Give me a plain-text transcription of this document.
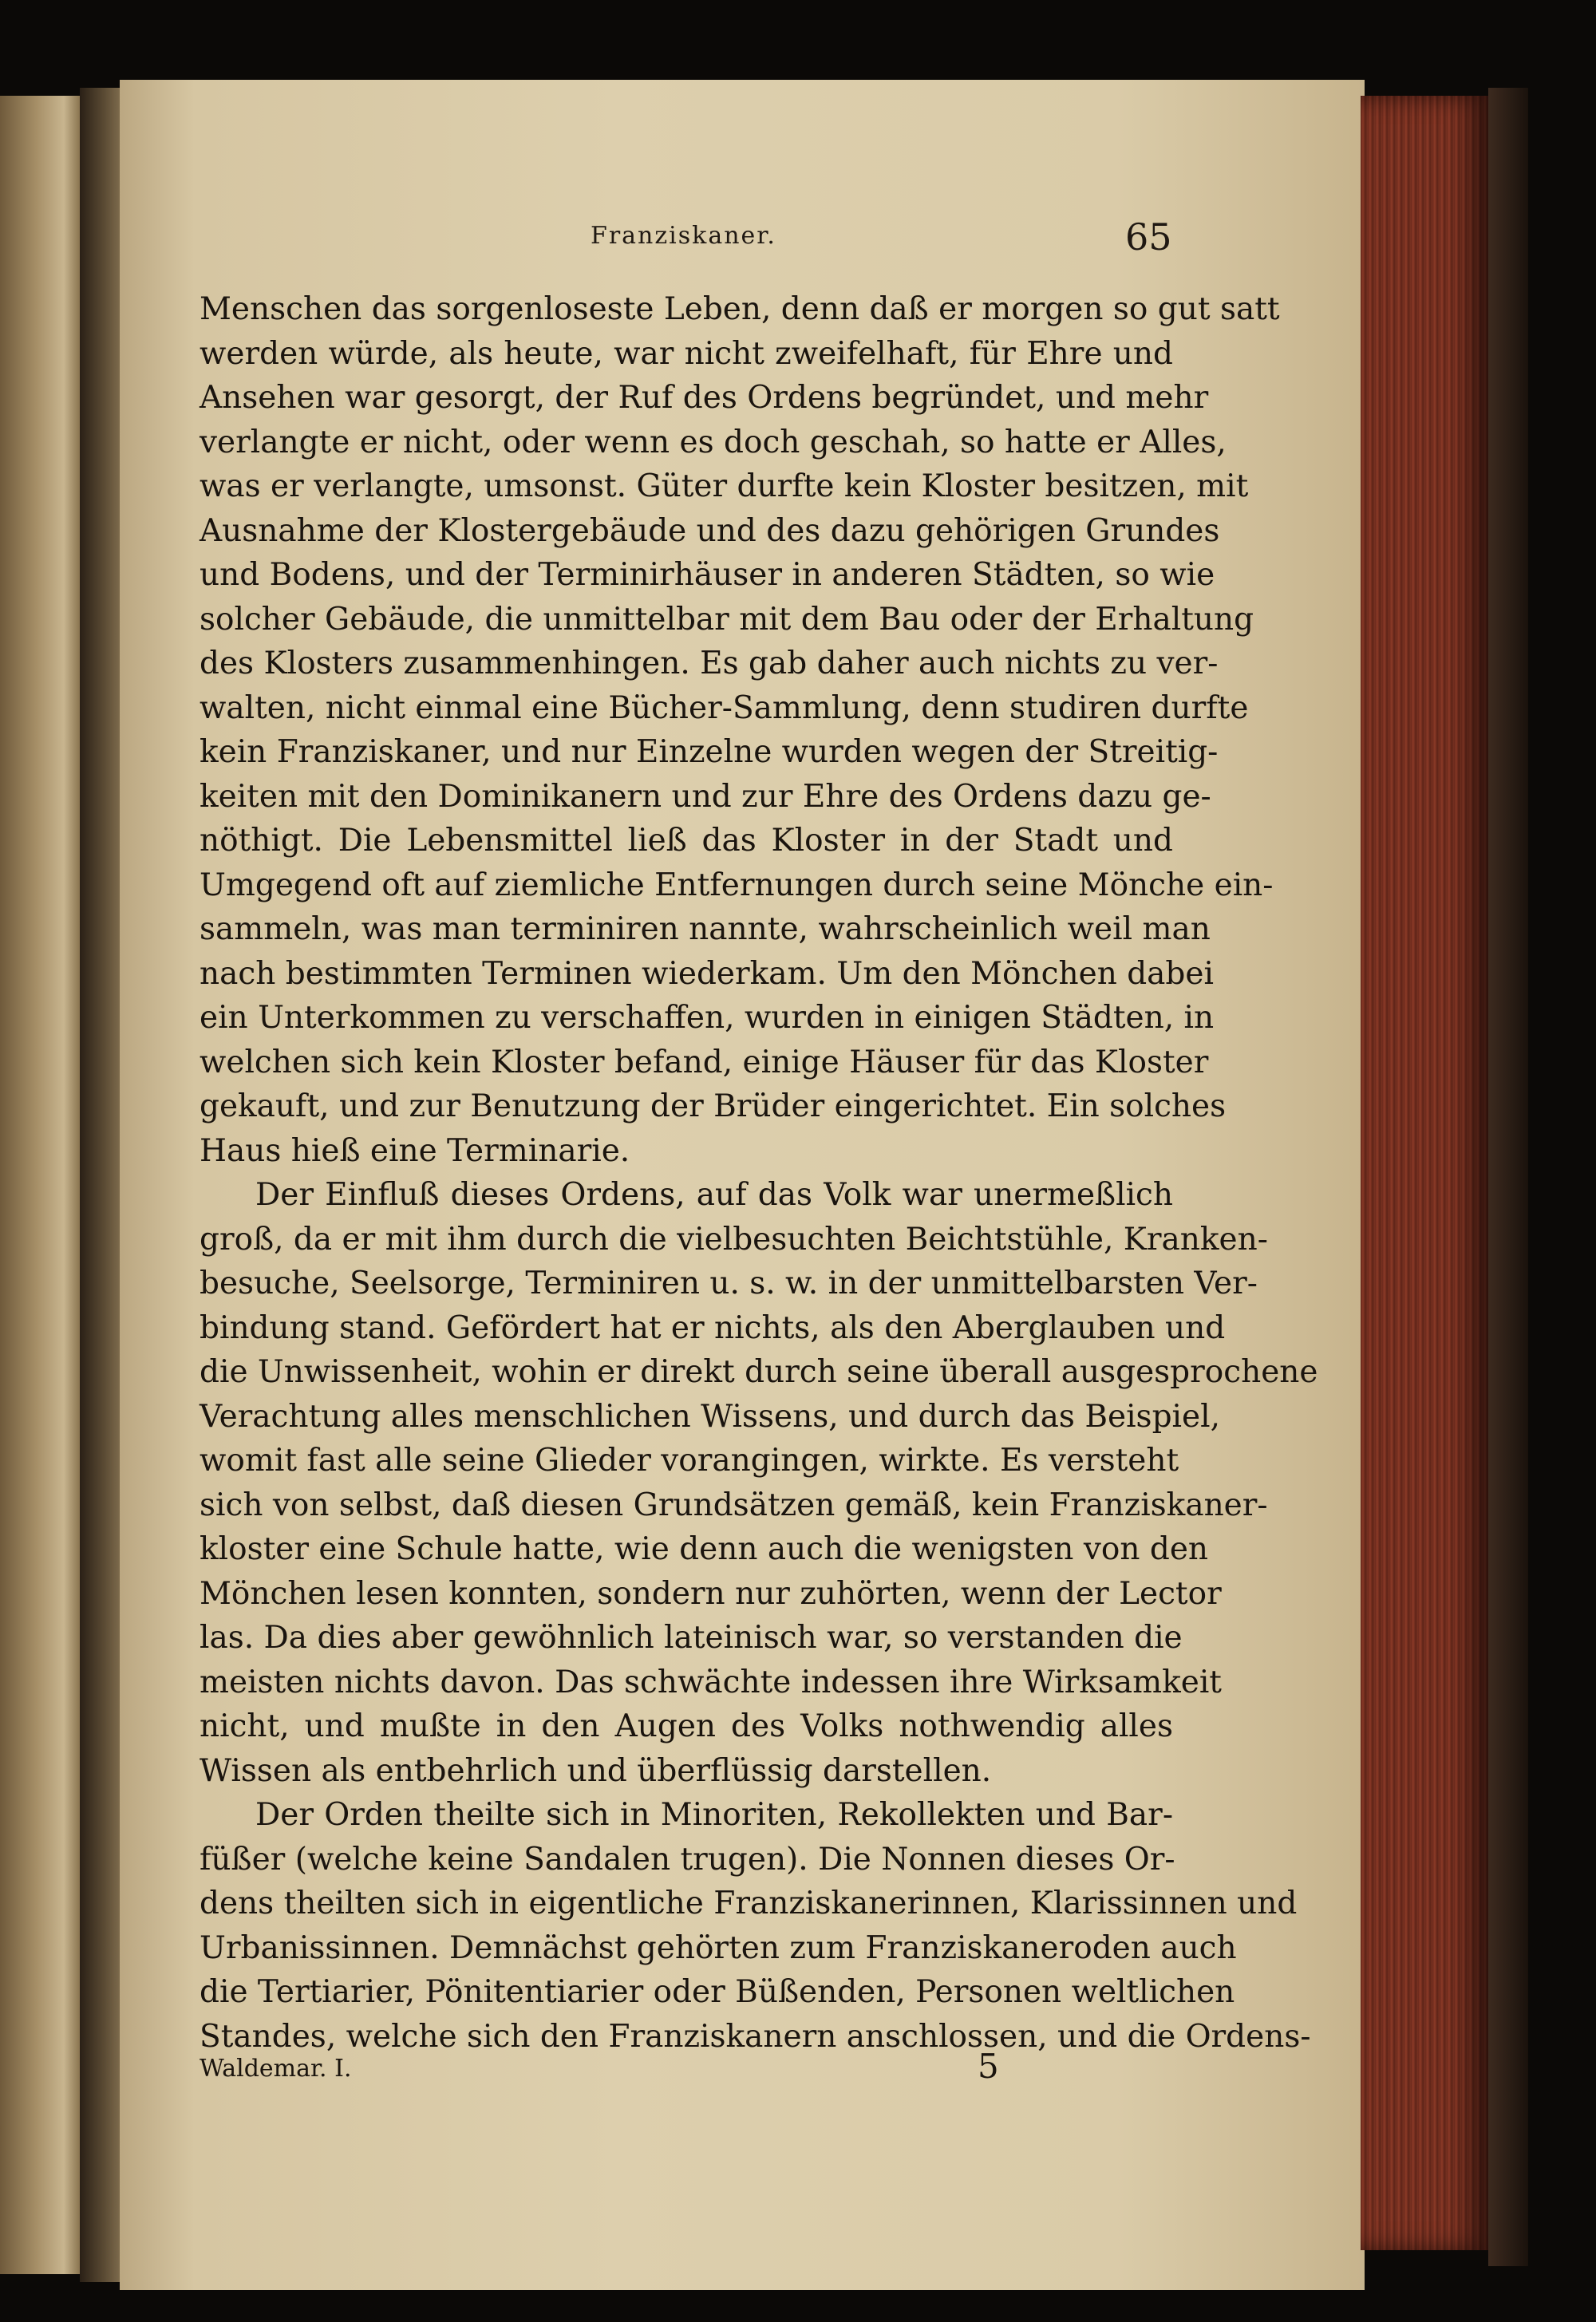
Franziskaner.	65
Menschen das sorgenloseste Leben, denn daß er morgen so gut satt
werden würde, als heute, war nicht zweifelhaft, für Ehre und
Ansehen war gesorgt, der Ruf des Ordens begründet, und mehr
verlangte er nicht, oder wenn es doch geschah, so hatte er Alles,
was er verlangte, umsonst. Güter durfte kein Kloster besitzen, mit
Ausnahme der Klostergebäude und des dazu gehörigen Grundes
und Bodens, und der Terminirhäuser in anderen Städten, so wie
solcher Gebäude, die unmittelbar mit dem Bau oder der Erhaltung
des Klosters zusammenhingen. Es gab daher auch nichts zu ver-
walten, nicht einmal eine Bücher-Sammlung, denn studiren durfte
kein Franziskaner, und nur Einzelne wurden wegen der Streitig-
keiten mit den Dominikanern und zur Ehre des Ordens dazu ge-
nöthigt. Die Lebensmittel ließ das Kloster in der Stadt und
Umgegend oft auf ziemliche Entfernungen durch seine Mönche ein-
sammeln, was man terminiren nannte, wahrscheinlich weil man
nach bestimmten Terminen wiederkam. Um den Mönchen dabei
ein Unterkommen zu verschaffen, wurden in einigen Städten, in
welchen sich kein Kloster befand, einige Häuser für das Kloster
gekauft, und zur Benutzung der Brüder eingerichtet. Ein solches
Haus hieß eine Terminarie.
Der Einfluß dieses Ordens, auf das Volk war unermeßlich
groß, da er mit ihm durch die vielbesuchten Beichtstühle, Kranken-
besuche, Seelsorge, Terminiren u. s. w. in der unmittelbarsten Ver-
bindung stand. Gefördert hat er nichts, als den Aberglauben und
die Unwissenheit, wohin er direkt durch seine überall ausgesprochene
Verachtung alles menschlichen Wissens, und durch das Beispiel,
womit fast alle seine Glieder vorangingen, wirkte. Es versteht
sich von selbst, daß diesen Grundsätzen gemäß, kein Franziskaner-
kloster eine Schule hatte, wie denn auch die wenigsten von den
Mönchen lesen konnten, sondern nur zuhörten, wenn der Lector
las. Da dies aber gewöhnlich lateinisch war, so verstanden die
meisten nichts davon. Das schwächte indessen ihre Wirksamkeit
nicht, und mußte in den Augen des Volks nothwendig alles
Wissen als entbehrlich und überflüssig darstellen.
Der Orden theilte sich in Minoriten, Rekollekten und Bar-
füßer (welche keine Sandalen trugen). Die Nonnen dieses Or-
dens theilten sich in eigentliche Franziskanerinnen, Klarissinnen und
Urbanissinnen. Demnächst gehörten zum Franziskaneroden auch
die Tertiarier, Pönitentiarier oder Büßenden, Personen weltlichen
Standes, welche sich den Franziskanern anschlossen, und die Ordens-
Waldemar. I.	5
